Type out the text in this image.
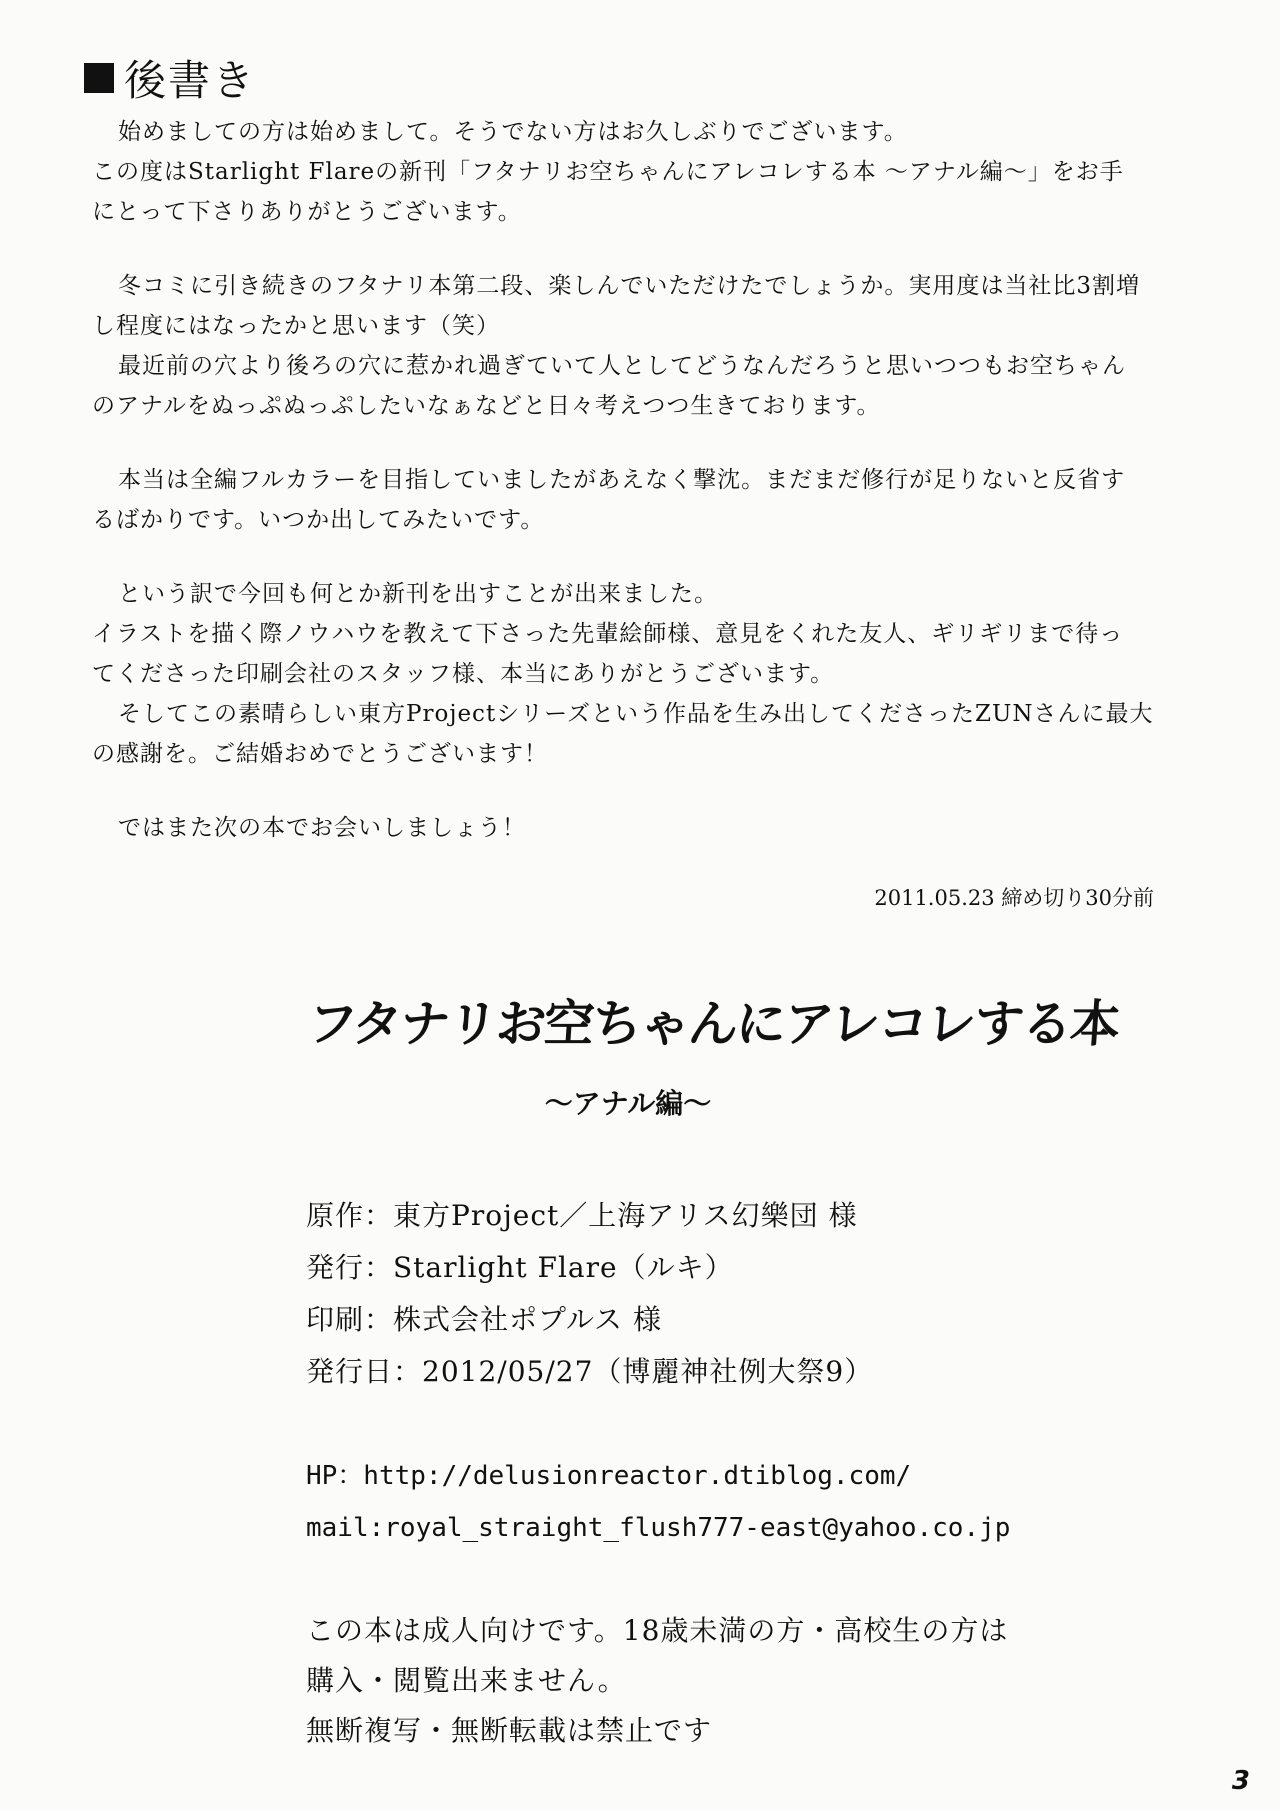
後書き
始めましての方は始めまして。そうでない方はお久しぶりでございます。
この度はStarlight Flareの新刊「フタナリお空ちゃんにアレコレする本 ～アナル編～」をお手
にとって下さりありがとうございます。
冬コミに引き続きのフタナリ本第二段、楽しんでいただけたでしょうか。実用度は当社比3割増
し程度にはなったかと思います（笑）
最近前の穴より後ろの穴に惹かれ過ぎていて人としてどうなんだろうと思いつつもお空ちゃん
のアナルをぬっぷぬっぷしたいなぁなどと日々考えつつ生きております。
本当は全編フルカラーを目指していましたがあえなく撃沈。まだまだ修行が足りないと反省す
るばかりです。いつか出してみたいです。
という訳で今回も何とか新刊を出すことが出来ました。
イラストを描く際ノウハウを教えて下さった先輩絵師様、意見をくれた友人、ギリギリまで待っ
てくださった印刷会社のスタッフ様、本当にありがとうございます。
そしてこの素晴らしい東方Projectシリーズという作品を生み出してくださったZUNさんに最大
の感謝を。ご結婚おめでとうございます！
ではまた次の本でお会いしましょう！
2011.05.23 締め切り30分前
フタナリお空ちゃんにアレコレする本
～アナル編～
原作：東方Project／上海アリス幻樂団 様
発行：Starlight Flare（ルキ）
印刷：株式会社ポプルス 様
発行日：2012/05/27（博麗神社例大祭9）
HP：http://delusionreactor.dtiblog.com/
mail:royal_straight_flush777-east@yahoo.co.jp
この本は成人向けです。18歳未満の方・高校生の方は
購入・閲覧出来ません。
無断複写・無断転載は禁止です
3
